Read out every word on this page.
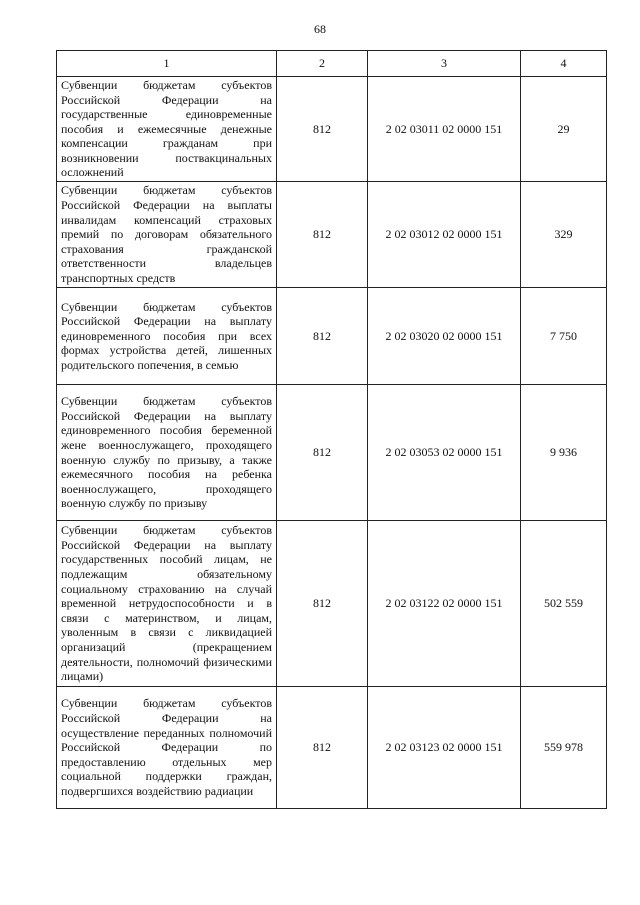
68
1	2	3	4
Субвенции бюджетам субъектов Российской Федерации на государственные единовременные пособия и ежемесячные денежные компенсации гражданам при возникновении поствакцинальных осложнений	812	2 02 03011 02 0000 151	29
Субвенции бюджетам субъектов Российской Федерации на выплаты инвалидам компенсаций страховых премий по договорам обязательного страхования гражданской ответственности владельцев транспортных средств	812	2 02 03012 02 0000 151	329
Субвенции бюджетам субъектов Российской Федерации на выплату единовременного пособия при всех формах устройства детей, лишенных родительского попечения, в семью	812	2 02 03020 02 0000 151	7 750
Субвенции бюджетам субъектов Российской Федерации на выплату единовременного пособия беременной жене военнослужащего, проходящего военную службу по призыву, а также ежемесячного пособия на ребенка военнослужащего, проходящего военную службу по призыву	812	2 02 03053 02 0000 151	9 936
Субвенции бюджетам субъектов Российской Федерации на выплату государственных пособий лицам, не подлежащим обязательному социальному страхованию на случай временной нетрудоспособности и в связи с материнством, и лицам, уволенным в связи с ликвидацией организаций (прекращением деятельности, полномочий физическими лицами)	812	2 02 03122 02 0000 151	502 559
Субвенции бюджетам субъектов Российской Федерации на осуществление переданных полномочий Российской Федерации по предоставлению отдельных мер социальной поддержки граждан, подвергшихся воздействию радиации	812	2 02 03123 02 0000 151	559 978
